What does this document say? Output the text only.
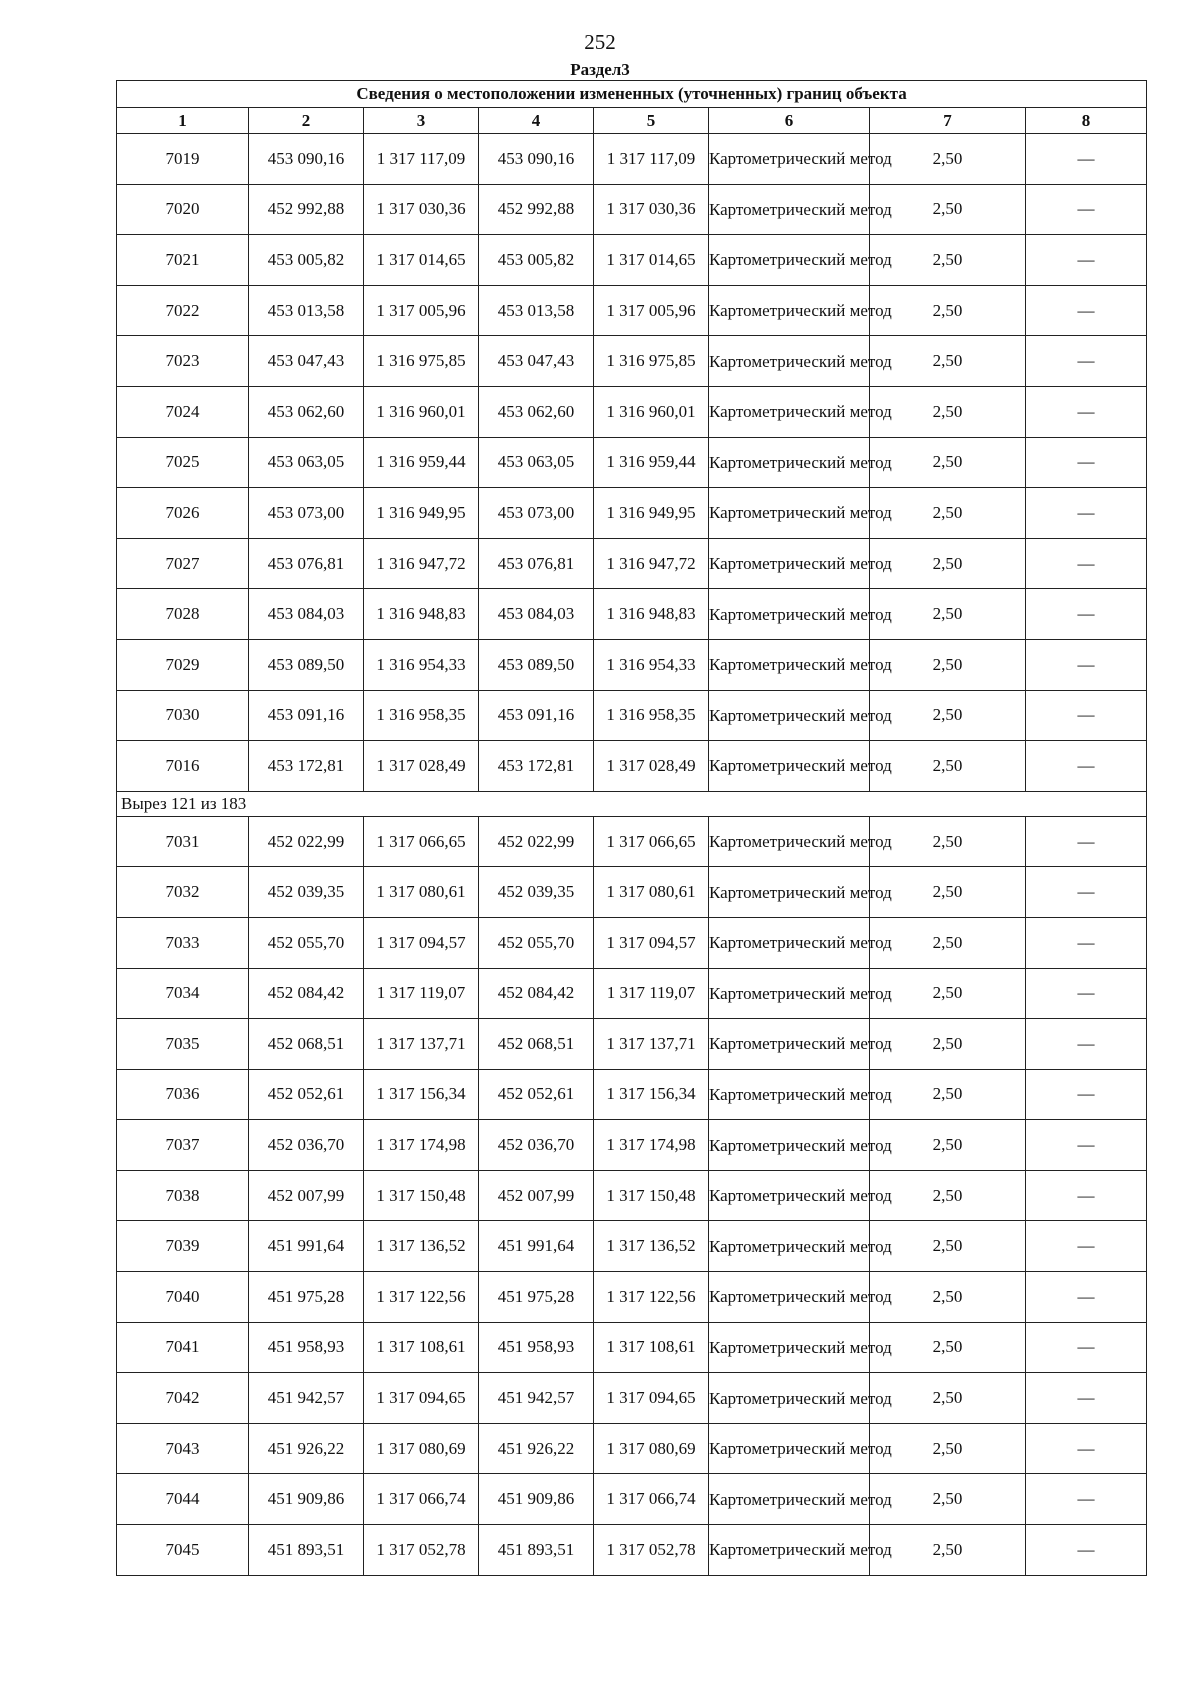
252
Раздел3
Сведения о местоположении измененных (уточненных) границ объекта							
1	2	3	4	5	6	7	8
7019	453 090,16	1 317 117,09	453 090,16	1 317 117,09	Картометрический метод	2,50	—
7020	452 992,88	1 317 030,36	452 992,88	1 317 030,36	Картометрический метод	2,50	—
7021	453 005,82	1 317 014,65	453 005,82	1 317 014,65	Картометрический метод	2,50	—
7022	453 013,58	1 317 005,96	453 013,58	1 317 005,96	Картометрический метод	2,50	—
7023	453 047,43	1 316 975,85	453 047,43	1 316 975,85	Картометрический метод	2,50	—
7024	453 062,60	1 316 960,01	453 062,60	1 316 960,01	Картометрический метод	2,50	—
7025	453 063,05	1 316 959,44	453 063,05	1 316 959,44	Картометрический метод	2,50	—
7026	453 073,00	1 316 949,95	453 073,00	1 316 949,95	Картометрический метод	2,50	—
7027	453 076,81	1 316 947,72	453 076,81	1 316 947,72	Картометрический метод	2,50	—
7028	453 084,03	1 316 948,83	453 084,03	1 316 948,83	Картометрический метод	2,50	—
7029	453 089,50	1 316 954,33	453 089,50	1 316 954,33	Картометрический метод	2,50	—
7030	453 091,16	1 316 958,35	453 091,16	1 316 958,35	Картометрический метод	2,50	—
7016	453 172,81	1 317 028,49	453 172,81	1 317 028,49	Картометрический метод	2,50	—
Вырез 121 из 183							
7031	452 022,99	1 317 066,65	452 022,99	1 317 066,65	Картометрический метод	2,50	—
7032	452 039,35	1 317 080,61	452 039,35	1 317 080,61	Картометрический метод	2,50	—
7033	452 055,70	1 317 094,57	452 055,70	1 317 094,57	Картометрический метод	2,50	—
7034	452 084,42	1 317 119,07	452 084,42	1 317 119,07	Картометрический метод	2,50	—
7035	452 068,51	1 317 137,71	452 068,51	1 317 137,71	Картометрический метод	2,50	—
7036	452 052,61	1 317 156,34	452 052,61	1 317 156,34	Картометрический метод	2,50	—
7037	452 036,70	1 317 174,98	452 036,70	1 317 174,98	Картометрический метод	2,50	—
7038	452 007,99	1 317 150,48	452 007,99	1 317 150,48	Картометрический метод	2,50	—
7039	451 991,64	1 317 136,52	451 991,64	1 317 136,52	Картометрический метод	2,50	—
7040	451 975,28	1 317 122,56	451 975,28	1 317 122,56	Картометрический метод	2,50	—
7041	451 958,93	1 317 108,61	451 958,93	1 317 108,61	Картометрический метод	2,50	—
7042	451 942,57	1 317 094,65	451 942,57	1 317 094,65	Картометрический метод	2,50	—
7043	451 926,22	1 317 080,69	451 926,22	1 317 080,69	Картометрический метод	2,50	—
7044	451 909,86	1 317 066,74	451 909,86	1 317 066,74	Картометрический метод	2,50	—
7045	451 893,51	1 317 052,78	451 893,51	1 317 052,78	Картометрический метод	2,50	—
